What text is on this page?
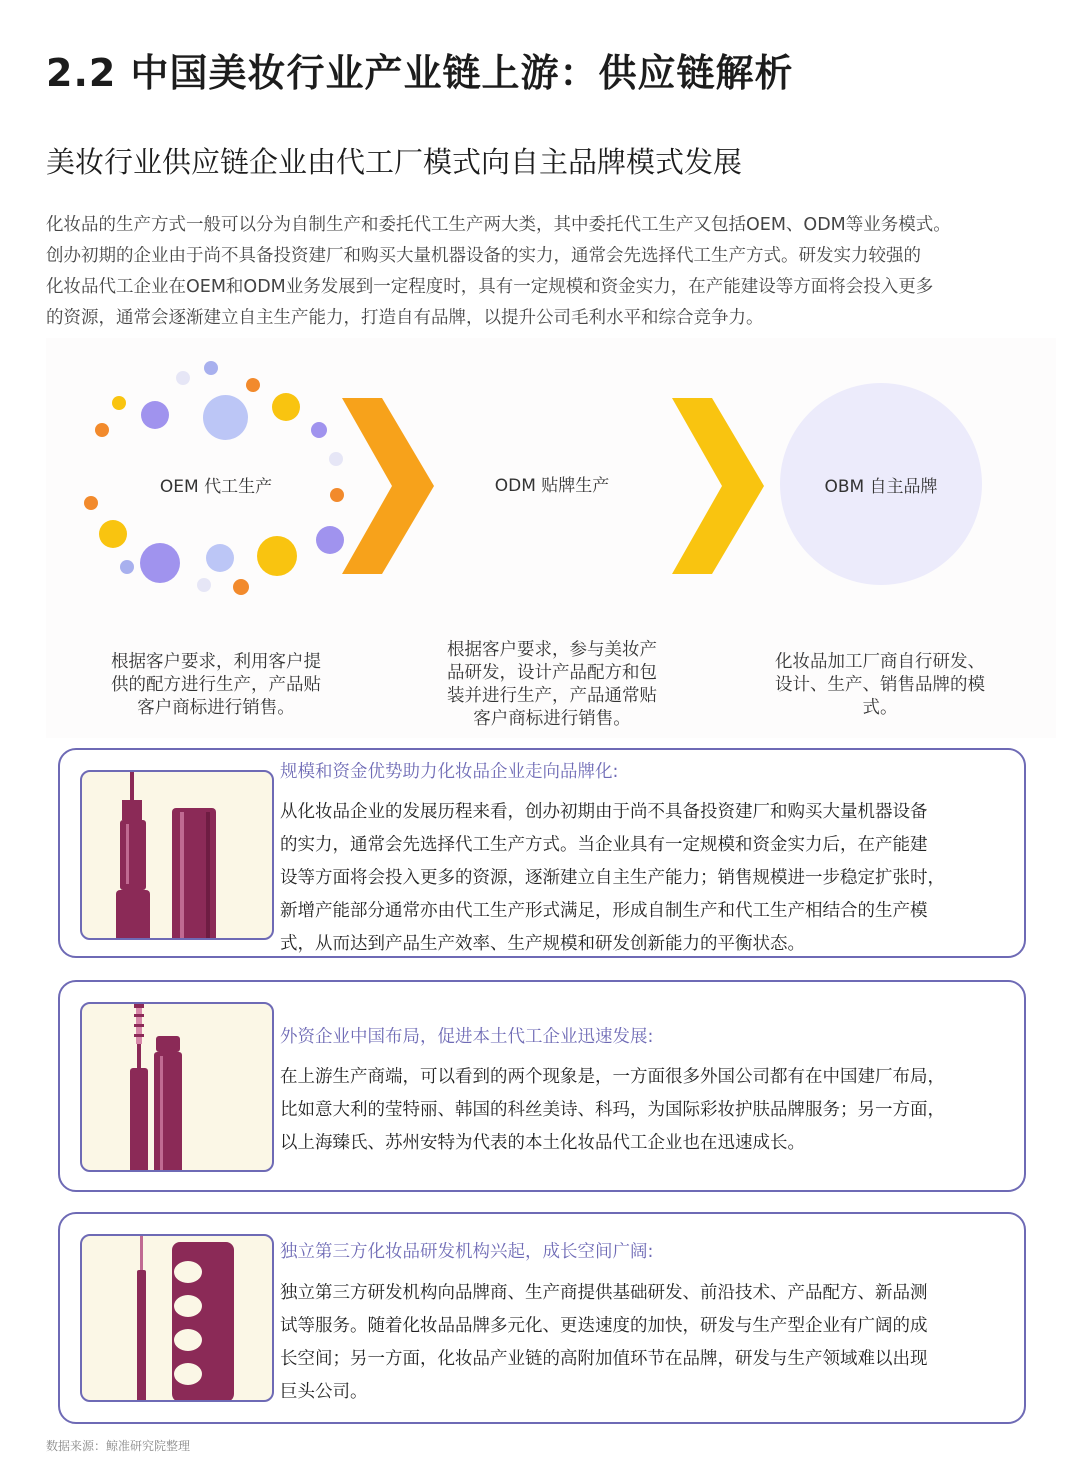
2.2 中国美妆行业产业链上游：供应链解析
美妆行业供应链企业由代工厂模式向自主品牌模式发展

化妆品的生产方式一般可以分为自制生产和委托代工生产两大类，其中委托代工生产又包括OEM、ODM等业务模式。

创办初期的企业由于尚不具备投资建厂和购买大量机器设备的实力，通常会先选择代工生产方式。研发实力较强的

化妆品代工企业在OEM和ODM业务发展到一定程度时，具有一定规模和资金实力，在产能建设等方面将会投入更多

的资源，通常会逐渐建立自主生产能力，打造自有品牌，以提升公司毛利水平和综合竞争力。

OEM 代工生产	ODM 贴牌生产	OBM 自主品牌
根据客户要求，利用客户提
供的配方进行生产，产品贴
客户商标进行销售。
根据客户要求，参与美妆产
品研发，设计产品配方和包
装并进行生产，产品通常贴
客户商标进行销售。
化妆品加工厂商自行研发、
设计、生产、销售品牌的模
式。
规模和资金优势助力化妆品企业走向品牌化:
从化妆品企业的发展历程来看，创办初期由于尚不具备投资建厂和购买大量机器设备
的实力，通常会先选择代工生产方式。当企业具有一定规模和资金实力后，在产能建
设等方面将会投入更多的资源，逐渐建立自主生产能力；销售规模进一步稳定扩张时，
新增产能部分通常亦由代工生产形式满足，形成自制生产和代工生产相结合的生产模
式，从而达到产品生产效率、生产规模和研发创新能力的平衡状态。
外资企业中国布局，促进本土代工企业迅速发展:
在上游生产商端，可以看到的两个现象是，一方面很多外国公司都有在中国建厂布局，
比如意大利的莹特丽、韩国的科丝美诗、科玛，为国际彩妆护肤品牌服务；另一方面，
以上海臻氏、苏州安特为代表的本土化妆品代工企业也在迅速成长。
独立第三方化妆品研发机构兴起，成长空间广阔:
独立第三方研发机构向品牌商、生产商提供基础研发、前沿技术、产品配方、新品测
试等服务。随着化妆品品牌多元化、更迭速度的加快，研发与生产型企业有广阔的成
长空间；另一方面，化妆品产业链的高附加值环节在品牌，研发与生产领域难以出现
巨头公司。
数据来源：鲸准研究院整理
